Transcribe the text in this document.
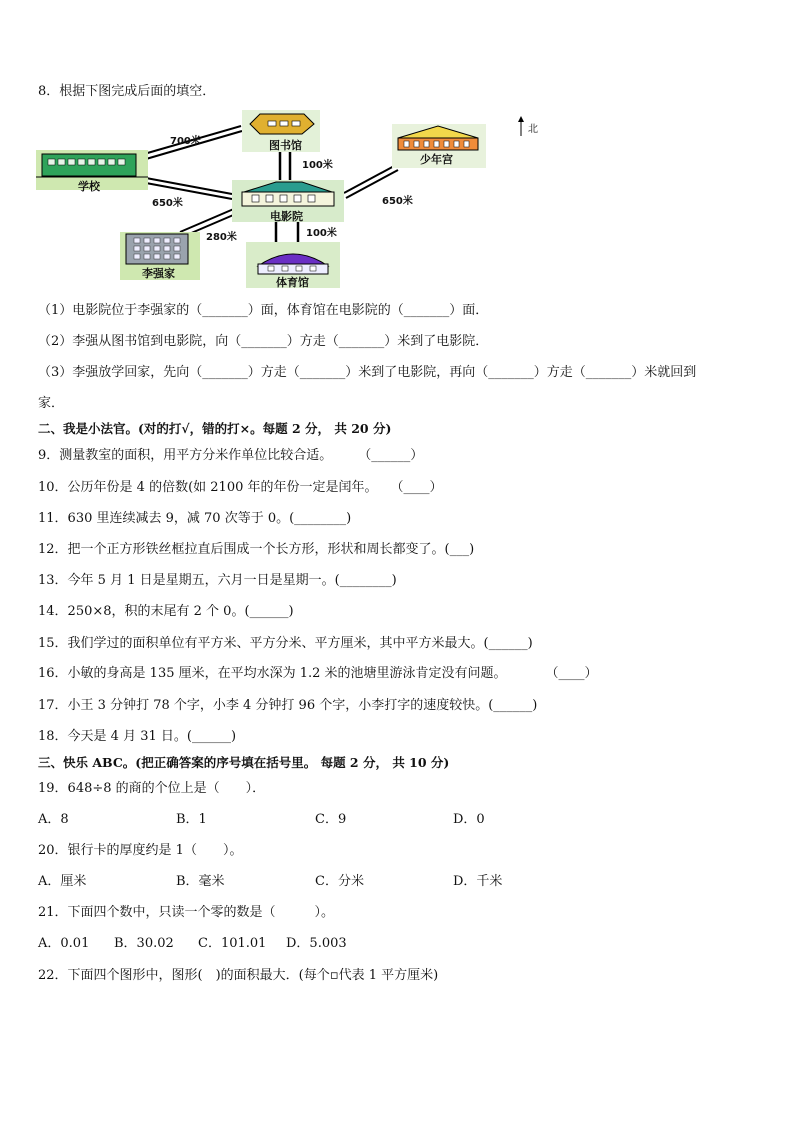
8．根据下图完成后面的填空．
学校
图书馆
电影院
少年宫
李强家
体育馆
700米
650米
100米
650米
280米	100米
北
（1）电影院位于李强家的（_______）面，体育馆在电影院的（_______）面．
（2）李强从图书馆到电影院，向（_______）方走（_______）米到了电影院．
（3）李强放学回家，先向（_______）方走（_______）米到了电影院，再向（_______）方走（_______）米就回到
家．
二、我是小法官。(对的打√，错的打×。每题 2 分， 共 20 分)
9．测量教室的面积，用平方分米作单位比较合适。　　　（______）
10．公历年份是 4 的倍数(如 2100 年的年份一定是闰年。　　（____）
11．630 里连续减去 9，减 70 次等于 0。(________)
12．把一个正方形铁丝框拉直后围成一个长方形，形状和周长都变了。(___)
13．今年 5 月 1 日是星期五，六月一日是星期一。(________)
14．250×8，积的末尾有 2 个 0。(______)
15．我们学过的面积单位有平方米、平方分米、平方厘米，其中平方米最大。(______)
16．小敏的身高是 135 厘米，在平均水深为 1.2 米的池塘里游泳肯定没有问题。　　　　（____）
17．小王 3 分钟打 78 个字，小李 4 分钟打 96 个字，小李打字的速度较快。(______)
18．今天是 4 月 31 日。(______)
三、快乐 ABC。(把正确答案的序号填在括号里。 每题 2 分， 共 10 分)
19．648÷8 的商的个位上是（　　）．
A．8	B．1	C．9	D．0
20．银行卡的厚度约是 1（　　）。
A．厘米	B．毫米	C．分米	D．千米
21．下面四个数中，只读一个零的数是（　　　）。
A．0.01 B．30.02 C．101.01 D．5.003
22．下面四个图形中，图形(　)的面积最大．(每个▫代表 1 平方厘米)
